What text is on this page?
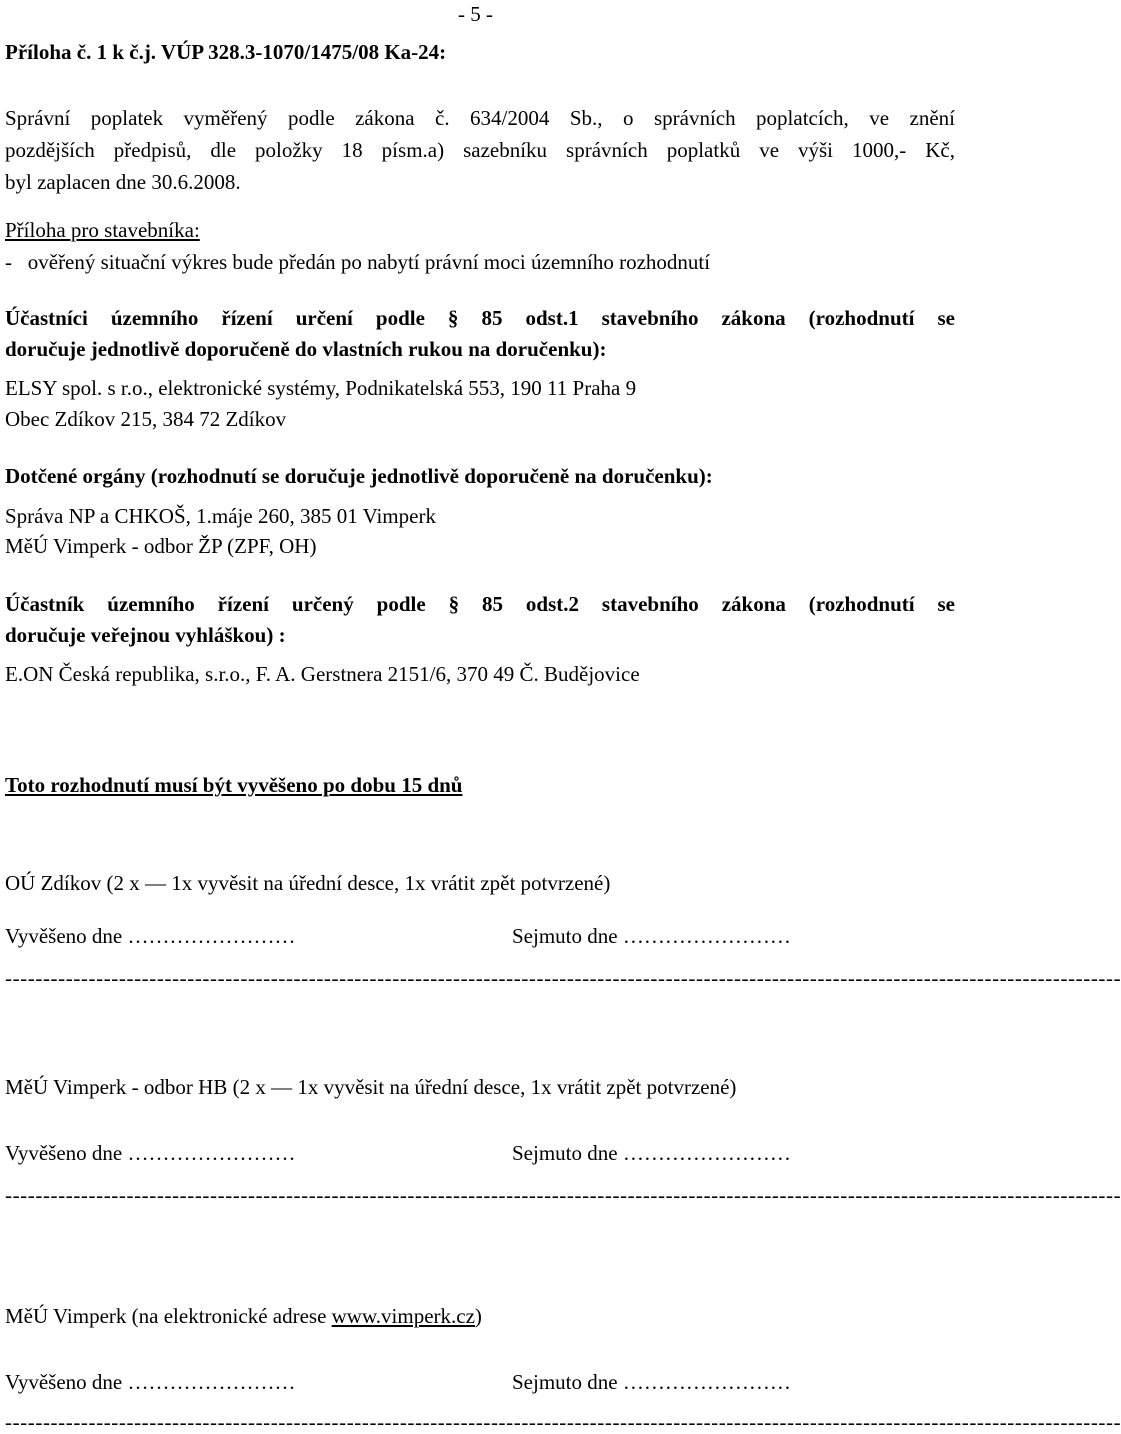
- 5 -
Příloha č. 1 k č.j. VÚP 328.3-1070/1475/08 Ka-24:
Správní poplatek vyměřený podle zákona č. 634/2004 Sb., o správních poplatcích, ve znění
pozdějších předpisů, dle položky 18 písm.a) sazebníku správních poplatků ve výši 1000,- Kč,
byl zaplacen dne 30.6.2008.
Příloha pro stavebníka:
-   ověřený situační výkres bude předán po nabytí právní moci územního rozhodnutí
Účastníci územního řízení určení podle § 85 odst.1 stavebního zákona (rozhodnutí se
doručuje jednotlivě doporučeně do vlastních rukou na doručenku):
ELSY spol. s r.o., elektronické systémy, Podnikatelská 553, 190 11 Praha 9
Obec Zdíkov 215, 384 72 Zdíkov
Dotčené orgány (rozhodnutí se doručuje jednotlivě doporučeně na doručenku):
Správa NP a CHKOŠ, 1.máje 260, 385 01 Vimperk
MěÚ Vimperk - odbor ŽP (ZPF, OH)
Účastník územního řízení určený podle § 85 odst.2 stavebního zákona (rozhodnutí se
doručuje veřejnou vyhláškou) :
E.ON Česká republika, s.r.o., F. A. Gerstnera 2151/6, 370 49 Č. Budějovice
Toto rozhodnutí musí být vyvěšeno po dobu 15 dnů
OÚ Zdíkov (2 x — 1x vyvěsit na úřední desce, 1x vrátit zpět potvrzené)
Vyvěšeno dne ……………………	Sejmuto dne ……………………
---------------------------------------------------------------------------------------------------------------------------------------------------
MěÚ Vimperk - odbor HB (2 x — 1x vyvěsit na úřední desce, 1x vrátit zpět potvrzené)
Vyvěšeno dne ……………………	Sejmuto dne ……………………
---------------------------------------------------------------------------------------------------------------------------------------------------
MěÚ Vimperk (na elektronické adrese www.vimperk.cz)
Vyvěšeno dne ……………………	Sejmuto dne ……………………
---------------------------------------------------------------------------------------------------------------------------------------------------
